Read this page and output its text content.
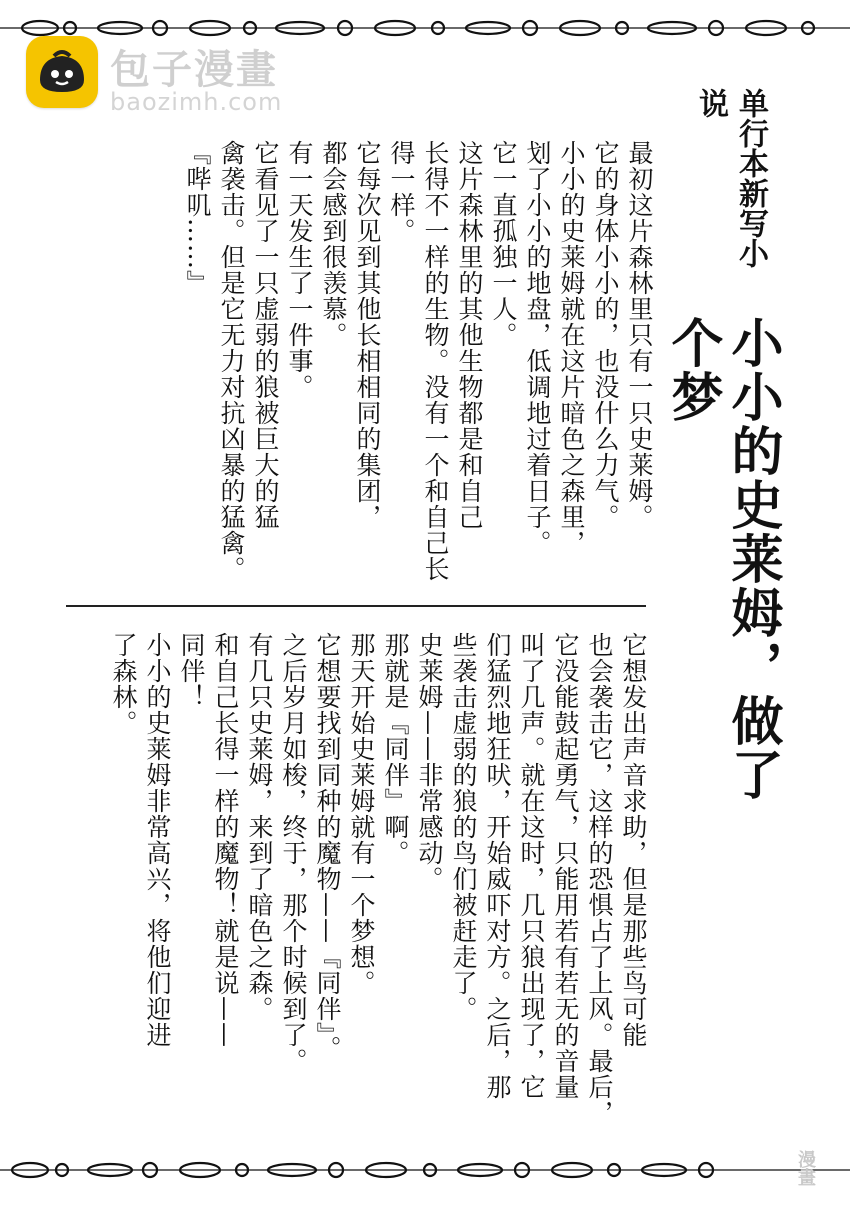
包子漫畫
baozimh.com	单行本新写小说
小小的史莱姆，做了个梦

最初这片森林里只有一只史莱姆。

它的身体小小的，也没什么力气。

小小的史莱姆就在这片暗色之森里，

划了小小的地盘，低调地过着日子。

它一直孤独一人。

这片森林里的其他生物都是和自己

长得不一样的生物。没有一个和自己长

得一样。

它每次见到其他长相相同的集团，

都会感到很羡慕。

有一天发生了一件事。

它看见了一只虚弱的狼被巨大的猛

禽袭击。但是它无力对抗凶暴的猛禽。

『哔叽……』

它想发出声音求助，但是那些鸟可能

也会袭击它，这样的恐惧占了上风。最后，

它没能鼓起勇气，只能用若有若无的音量

叫了几声。就在这时，几只狼出现了，它

们猛烈地狂吠，开始威吓对方。之后，那

些袭击虚弱的狼的鸟们被赶走了。

史莱姆——非常感动。

那就是『同伴』啊。

那天开始史莱姆就有一个梦想。

它想要找到同种的魔物——『同伴』。

之后岁月如梭，终于，那个时候到了。

有几只史莱姆，来到了暗色之森。

和自己长得一样的魔物！就是说——

同伴！

小小的史莱姆非常高兴，将他们迎进

了森林。

漫畫
